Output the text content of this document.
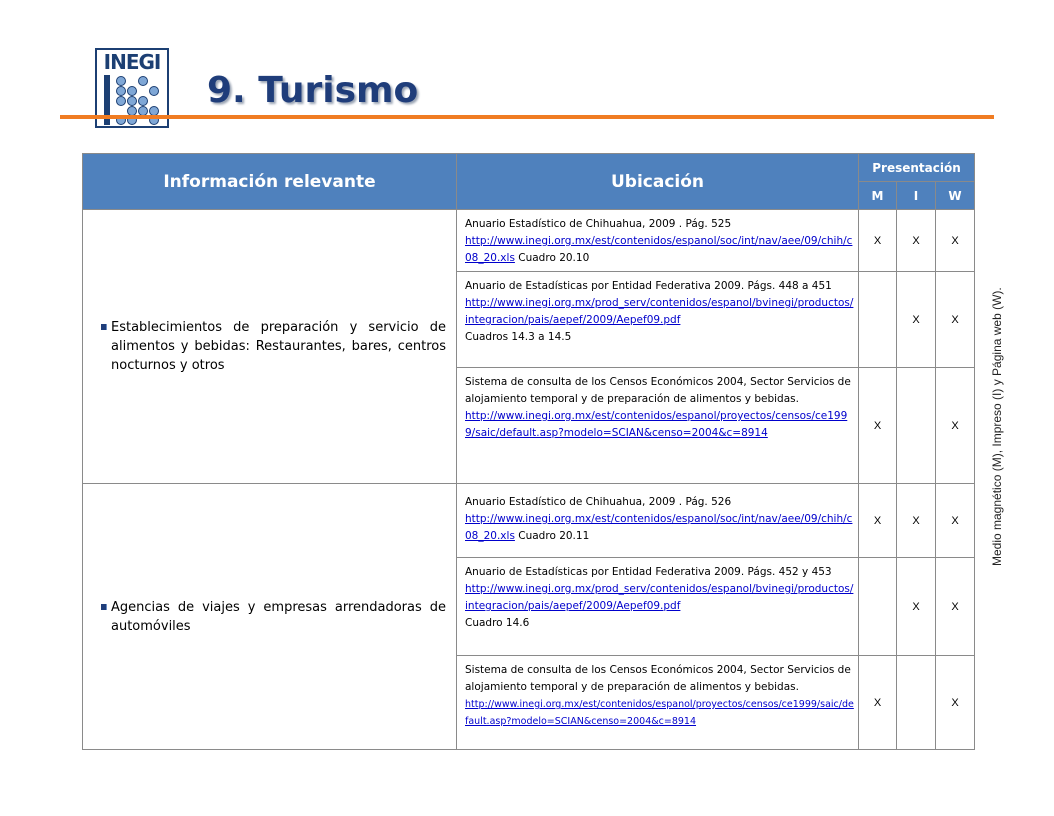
INEGI
9. Turismo
Medio magnético (M), Impreso (I) y Página web (W).
Información relevante	Ubicación	Presentación		
		M	I	W

Establecimientos de preparación y servicio de alimentos y bebidas: Restaurantes, bares, centros nocturnos y otros	Anuario Estadístico de Chihuahua, 2009 . Pág. 525
http://www.inegi.org.mx/est/contenidos/espanol/soc/int/nav/aee/09/chih/c08_20.xls Cuadro 20.10	X	X	X
	Anuario de Estadísticas por Entidad Federativa 2009. Págs. 448 a 451
http://www.inegi.org.mx/prod_serv/contenidos/espanol/bvinegi/productos/integracion/pais/aepef/2009/Aepef09.pdf
Cuadros 14.3 a 14.5		X	X
	Sistema de consulta de los Censos Económicos 2004, Sector Servicios de alojamiento temporal y de preparación de alimentos y bebidas.
http://www.inegi.org.mx/est/contenidos/espanol/proyectos/censos/ce1999/saic/default.asp?modelo=SCIAN&censo=2004&c=8914	X		X

Agencias de viajes y empresas arrendadoras de automóviles	Anuario Estadístico de Chihuahua, 2009 . Pág. 526
http://www.inegi.org.mx/est/contenidos/espanol/soc/int/nav/aee/09/chih/c08_20.xls Cuadro 20.11	X	X	X
	Anuario de Estadísticas por Entidad Federativa 2009. Págs. 452 y 453
http://www.inegi.org.mx/prod_serv/contenidos/espanol/bvinegi/productos/integracion/pais/aepef/2009/Aepef09.pdf
Cuadro 14.6		X	X
	Sistema de consulta de los Censos Económicos 2004, Sector Servicios de alojamiento temporal y de preparación de alimentos y bebidas.
http://www.inegi.org.mx/est/contenidos/espanol/proyectos/censos/ce1999/saic/default.asp?modelo=SCIAN&censo=2004&c=8914	X		X
